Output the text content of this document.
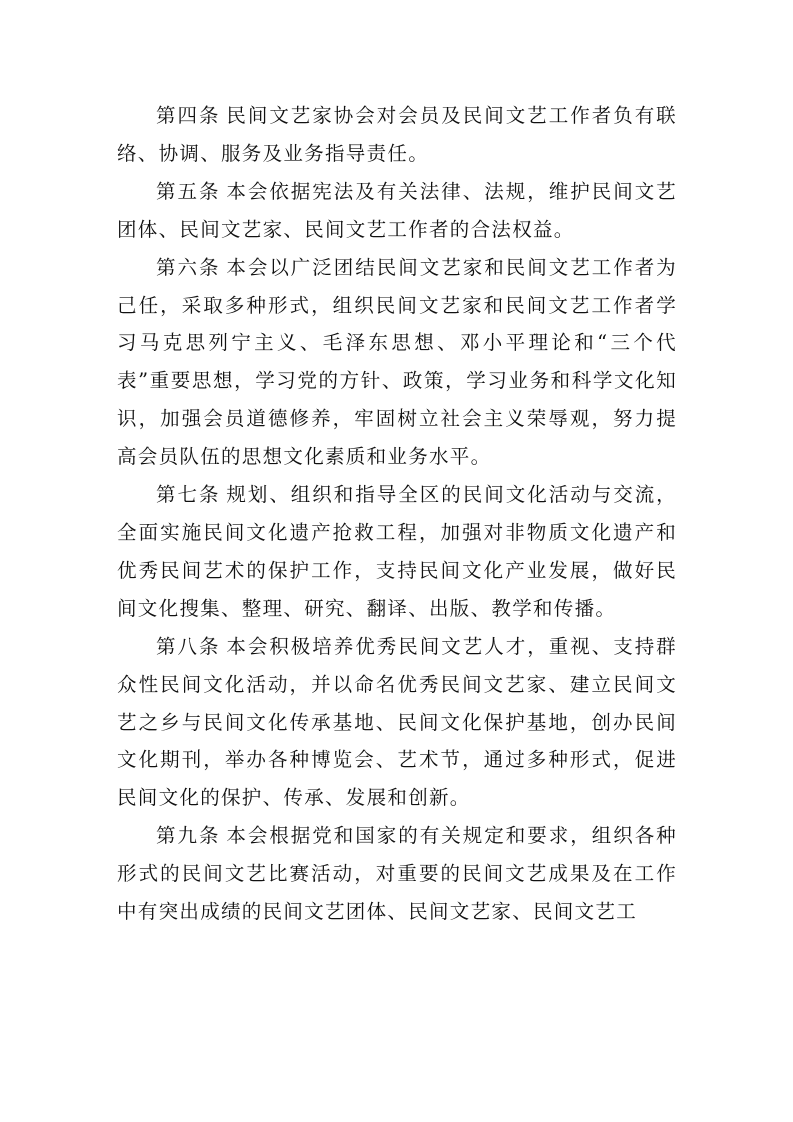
第四条 民间文艺家协会对会员及民间文艺工作者负有联络、协调、服务及业务指导责任。

第五条 本会依据宪法及有关法律、法规，维护民间文艺团体、民间文艺家、民间文艺工作者的合法权益。

第六条 本会以广泛团结民间文艺家和民间文艺工作者为己任，采取多种形式，组织民间文艺家和民间文艺工作者学习马克思列宁主义、毛泽东思想、邓小平理论和“三个代表”重要思想，学习党的方针、政策，学习业务和科学文化知识，加强会员道德修养，牢固树立社会主义荣辱观，努力提高会员队伍的思想文化素质和业务水平。

第七条 规划、组织和指导全区的民间文化活动与交流，全面实施民间文化遗产抢救工程，加强对非物质文化遗产和优秀民间艺术的保护工作，支持民间文化产业发展，做好民间文化搜集、整理、研究、翻译、出版、教学和传播。

第八条 本会积极培养优秀民间文艺人才，重视、支持群众性民间文化活动，并以命名优秀民间文艺家、建立民间文艺之乡与民间文化传承基地、民间文化保护基地，创办民间文化期刊，举办各种博览会、艺术节，通过多种形式，促进民间文化的保护、传承、发展和创新。

第九条 本会根据党和国家的有关规定和要求，组织各种形式的民间文艺比赛活动，对重要的民间文艺成果及在工作中有突出成绩的民间文艺团体、民间文艺家、民间文艺工
